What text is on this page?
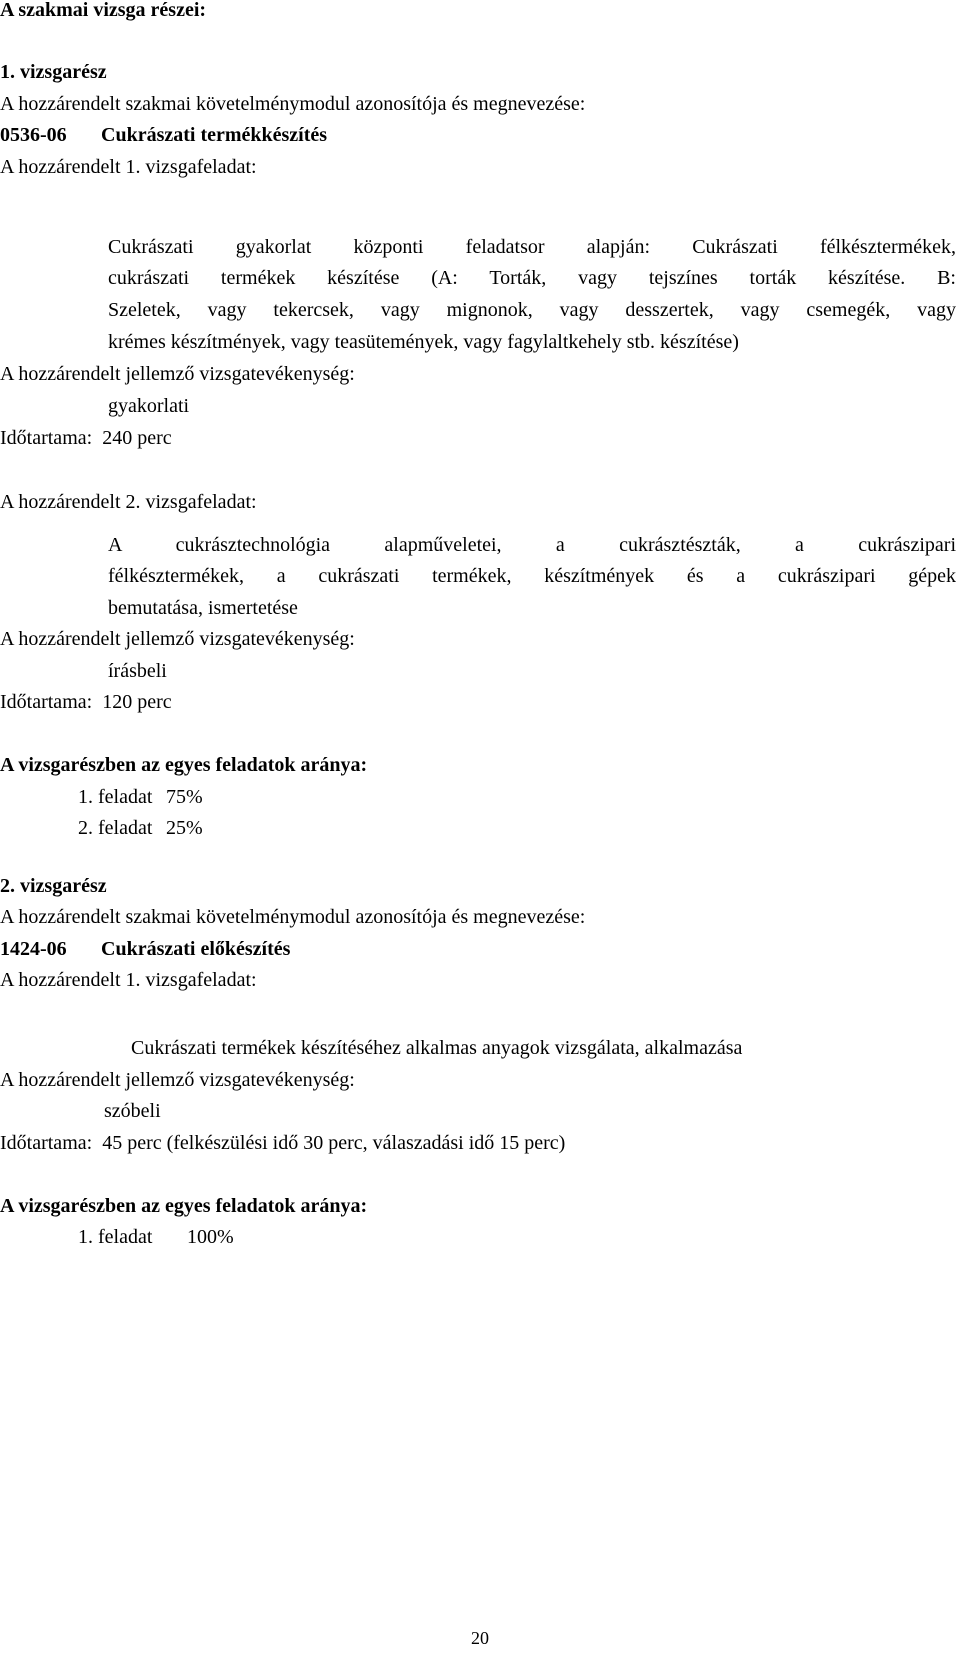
A szakmai vizsga részei:
1. vizsgarész
A hozzárendelt szakmai követelménymodul azonosítója és megnevezése:
0536-06 Cukrászati termékkészítés
A hozzárendelt 1. vizsgafeladat:
Cukrászati gyakorlat központi feladatsor alapján: Cukrászati félkésztermékek,
cukrászati termékek készítése (A: Torták, vagy tejszínes torták készítése. B:
Szeletek, vagy tekercsek, vagy mignonok, vagy desszertek, vagy csemegék, vagy
krémes készítmények, vagy teasütemények, vagy fagylaltkehely stb. készítése)
A hozzárendelt jellemző vizsgatevékenység:
gyakorlati
Időtartama: 240 perc
A hozzárendelt 2. vizsgafeladat:
A cukrásztechnológia alapműveletei, a cukrásztészták, a cukrászipari
félkésztermékek, a cukrászati termékek, készítmények és a cukrászipari gépek
bemutatása, ismertetése
A hozzárendelt jellemző vizsgatevékenység:
írásbeli
Időtartama: 120 perc
A vizsgarészben az egyes feladatok aránya:
1. feladat 75%
2. feladat 25%
2. vizsgarész
A hozzárendelt szakmai követelménymodul azonosítója és megnevezése:
1424-06 Cukrászati előkészítés
A hozzárendelt 1. vizsgafeladat:
Cukrászati termékek készítéséhez alkalmas anyagok vizsgálata, alkalmazása
A hozzárendelt jellemző vizsgatevékenység:
szóbeli
Időtartama: 45 perc (felkészülési idő 30 perc, válaszadási idő 15 perc)
A vizsgarészben az egyes feladatok aránya:
1. feladat 100%
20
